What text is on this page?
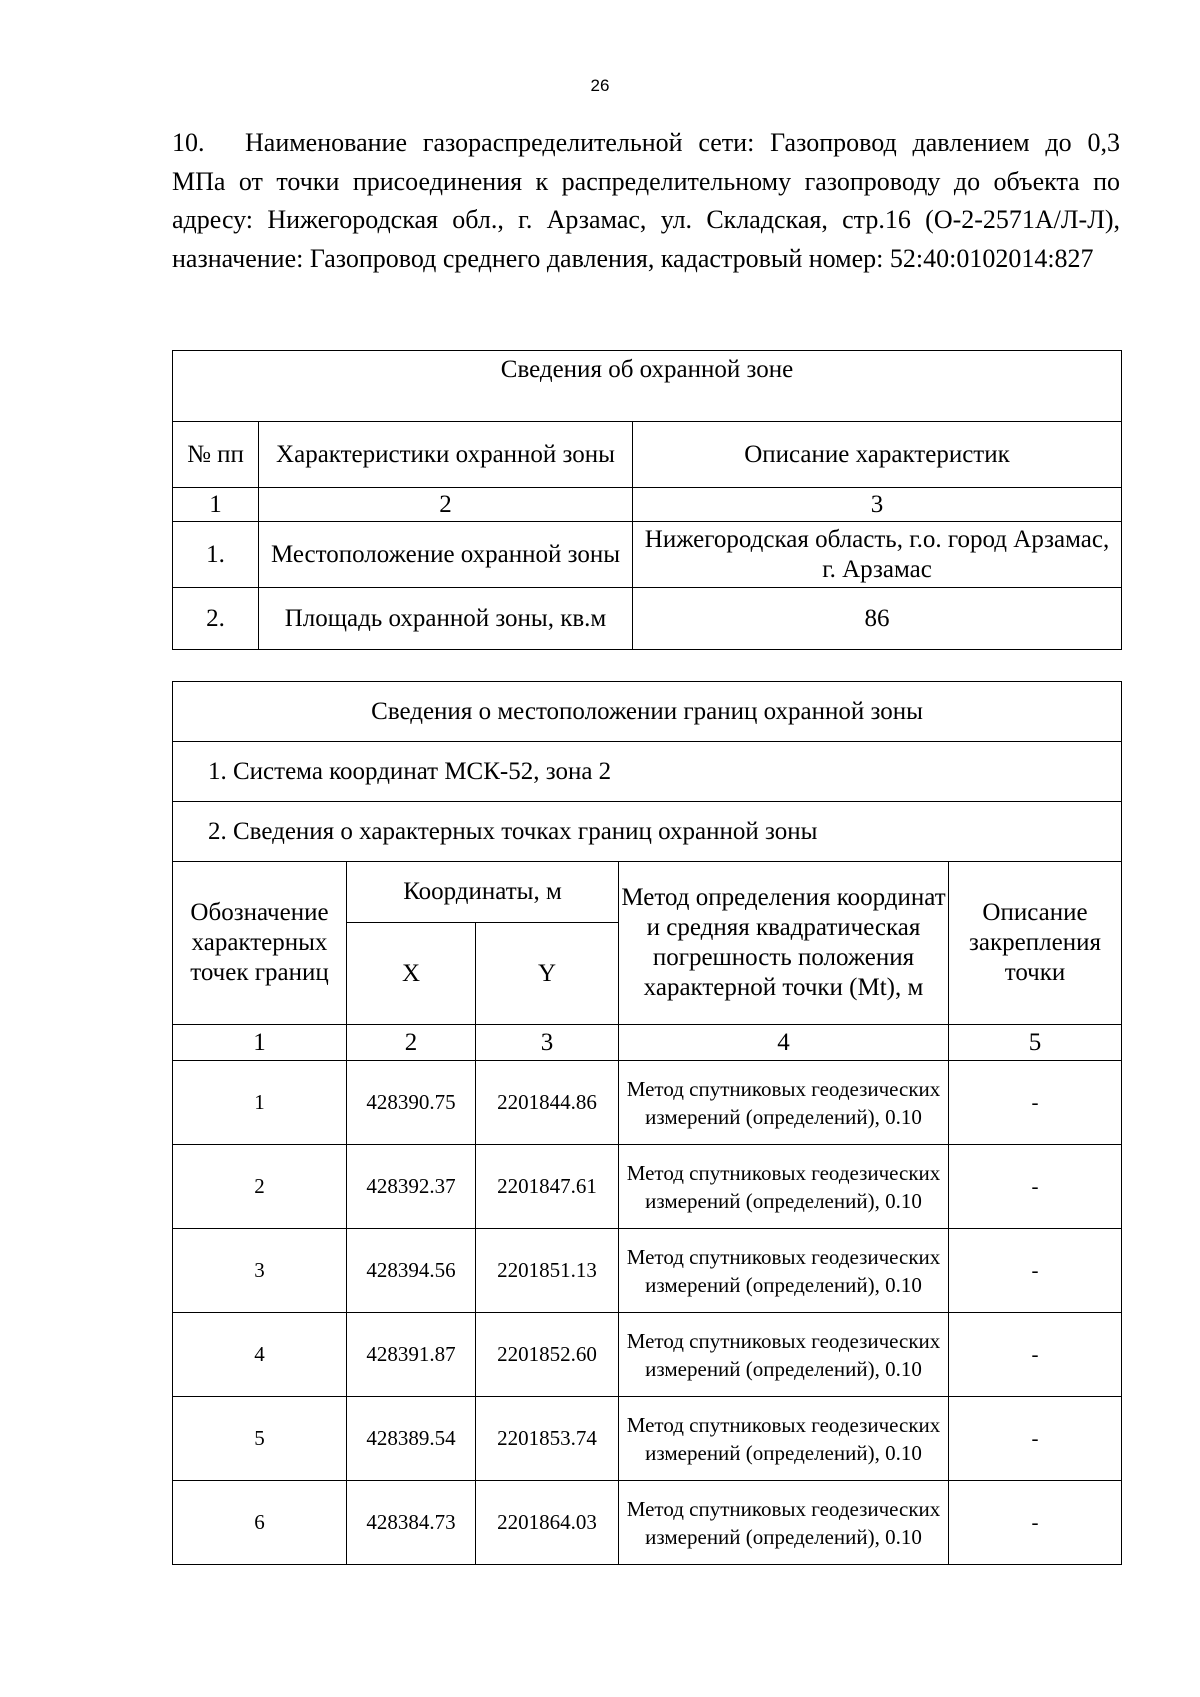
26

10. Наименование газораспределительной сети: Газопровод давлением до 0,3 МПа от точки присоединения к распределительному газопроводу до объекта по адресу: Нижегородская обл., г. Арзамас, ул. Складская, стр.16 (О-2-2571А/Л-Л), назначение: Газопровод среднего давления, кадастровый номер: 52:40:0102014:827

Сведения об охранной зоне		
№ пп	Характеристики охранной зоны	Описание характеристик
1	2	3
1.	Местоположение охранной зоны	Нижегородская область, г.о. город Арзамас, г. Арзамас
2.	Площадь охранной зоны, кв.м	86
Сведения о местоположении границ охранной зоны				
1. Система координат МСК-52, зона 2				
2. Сведения о характерных точках границ охранной зоны				
Обозначение характерных точек границ	Координаты, м		Метод определения координат и средняя квадратическая погрешность положения характерной точки (Mt), м	Описание закрепления точки
	X	Y		
1	2	3	4	5
1	428390.75	2201844.86	Метод спутниковых геодезических измерений (определений), 0.10	-
2	428392.37	2201847.61	Метод спутниковых геодезических измерений (определений), 0.10	-
3	428394.56	2201851.13	Метод спутниковых геодезических измерений (определений), 0.10	-
4	428391.87	2201852.60	Метод спутниковых геодезических измерений (определений), 0.10	-
5	428389.54	2201853.74	Метод спутниковых геодезических измерений (определений), 0.10	-
6	428384.73	2201864.03	Метод спутниковых геодезических измерений (определений), 0.10	-
